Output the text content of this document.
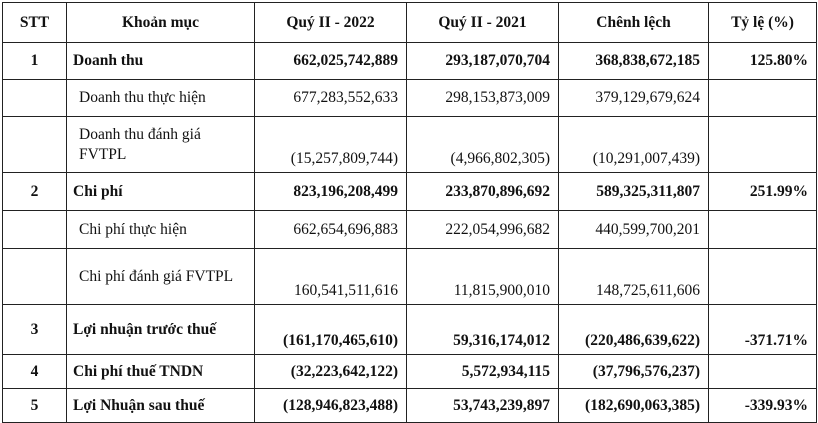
STT	Khoản mục	Quý II - 2022	Quý II - 2021	Chênh lệch	Tỷ lệ (%)
1	Doanh thu	662,025,742,889	293,187,070,704	368,838,672,185	125.80%
	Doanh thu thực hiện	677,283,552,633	298,153,873,009	379,129,679,624	
	Doanh thu đánh giá FVTPL	(15,257,809,744)	(4,966,802,305)	(10,291,007,439)	
2	Chi phí	823,196,208,499	233,870,896,692	589,325,311,807	251.99%
	Chi phí thực hiện	662,654,696,883	222,054,996,682	440,599,700,201	
	Chi phí đánh giá FVTPL	160,541,511,616	11,815,900,010	148,725,611,606	
3	Lợi nhuận trước thuế	(161,170,465,610)	59,316,174,012	(220,486,639,622)	-371.71%
4	Chi phí thuế TNDN	(32,223,642,122)	5,572,934,115	(37,796,576,237)	
5	Lợi Nhuận sau thuế	(128,946,823,488)	53,743,239,897	(182,690,063,385)	-339.93%
